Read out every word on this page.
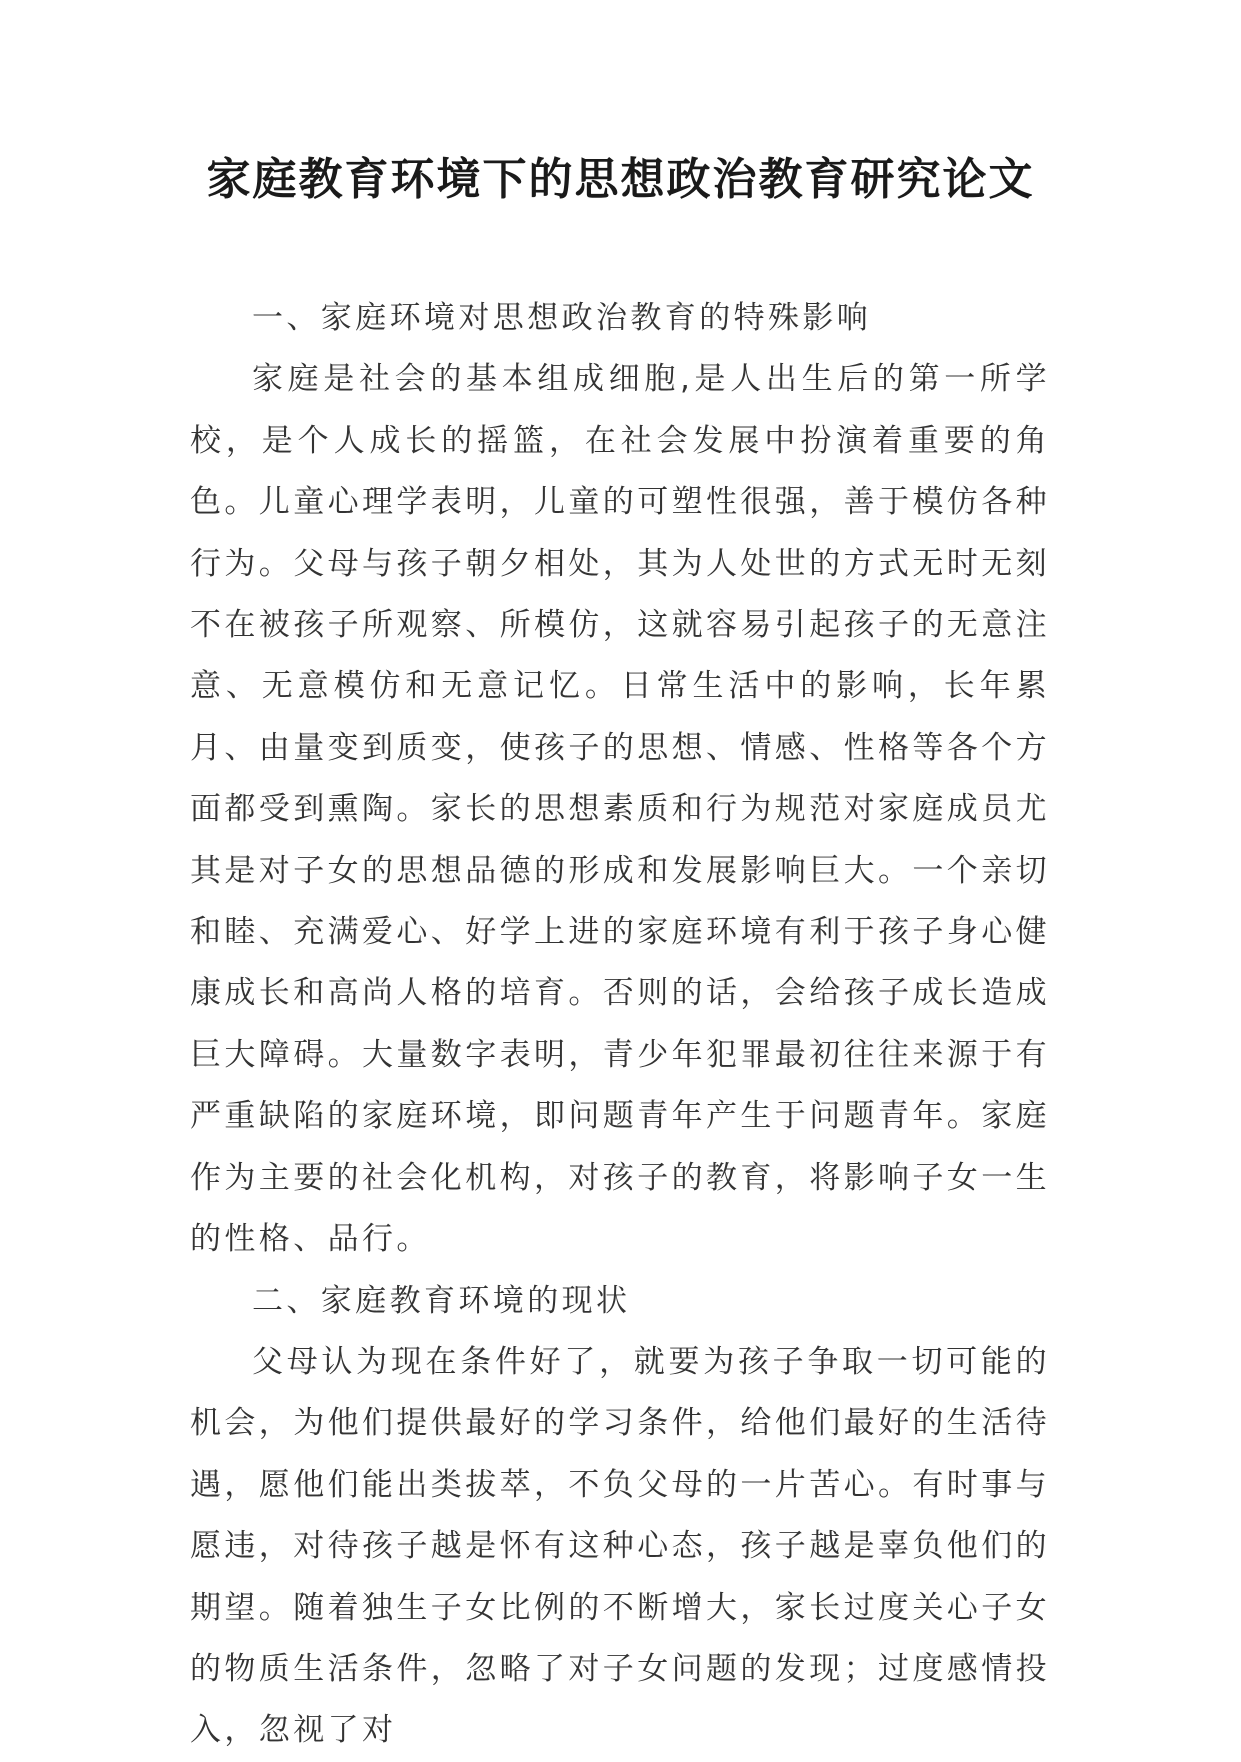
家庭教育环境下的思想政治教育研究论文

一、家庭环境对思想政治教育的特殊影响

家庭是社会的基本组成细胞,是人出生后的第一所学校，是个人成长的摇篮，在社会发展中扮演着重要的角色。儿童心理学表明，儿童的可塑性很强，善于模仿各种行为。父母与孩子朝夕相处，其为人处世的方式无时无刻不在被孩子所观察、所模仿，这就容易引起孩子的无意注意、无意模仿和无意记忆。日常生活中的影响，长年累月、由量变到质变，使孩子的思想、情感、性格等各个方面都受到熏陶。家长的思想素质和行为规范对家庭成员尤其是对子女的思想品德的形成和发展影响巨大。一个亲切和睦、充满爱心、好学上进的家庭环境有利于孩子身心健康成长和高尚人格的培育。否则的话，会给孩子成长造成巨大障碍。大量数字表明，青少年犯罪最初往往来源于有严重缺陷的家庭环境，即问题青年产生于问题青年。家庭作为主要的社会化机构，对孩子的教育，将影响子女一生的性格、品行。

二、家庭教育环境的现状

父母认为现在条件好了，就要为孩子争取一切可能的机会，为他们提供最好的学习条件，给他们最好的生活待遇，愿他们能出类拔萃，不负父母的一片苦心。有时事与愿违，对待孩子越是怀有这种心态，孩子越是辜负他们的期望。随着独生子女比例的不断增大，家长过度关心子女的物质生活条件，忽略了对子女问题的发现；过度感情投入，忽视了对
